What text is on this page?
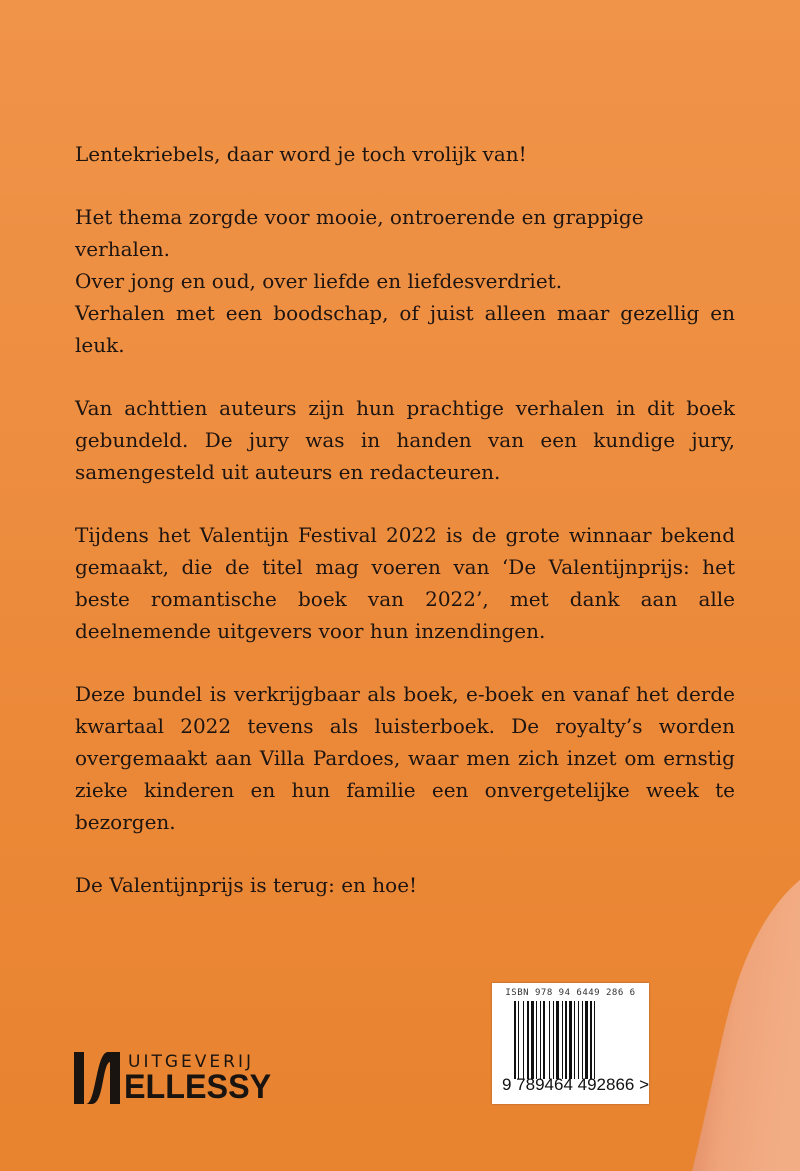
Lentekriebels, daar word je toch vrolijk van!

Het thema zorgde voor mooie, ontroerende en grappige verhalen.
Over jong en oud, over liefde en liefdesverdriet.
Verhalen met een boodschap, of juist alleen maar gezellig en leuk.

Van achttien auteurs zijn hun prachtige verhalen in dit boek gebundeld. De jury was in handen van een kundige jury, samengesteld uit auteurs en redacteuren.

Tijdens het Valentijn Festival 2022 is de grote winnaar bekend gemaakt, die de titel mag voeren van ‘De Valentijnprijs: het beste romantische boek van 2022’, met dank aan alle deelnemende uitgevers voor hun inzendingen.

Deze bundel is verkrijgbaar als boek, e-boek en vanaf het derde kwartaal 2022 tevens als luisterboek. De royalty’s worden overgemaakt aan Villa Pardoes, waar men zich inzet om ernstig zieke kinderen en hun familie een onvergetelijke week te bezorgen.

De Valentijnprijs is terug: en hoe!

ISBN 978 94 6449 286 6
9 789464 492866 >
UITGEVERIJ
ELLESSY
